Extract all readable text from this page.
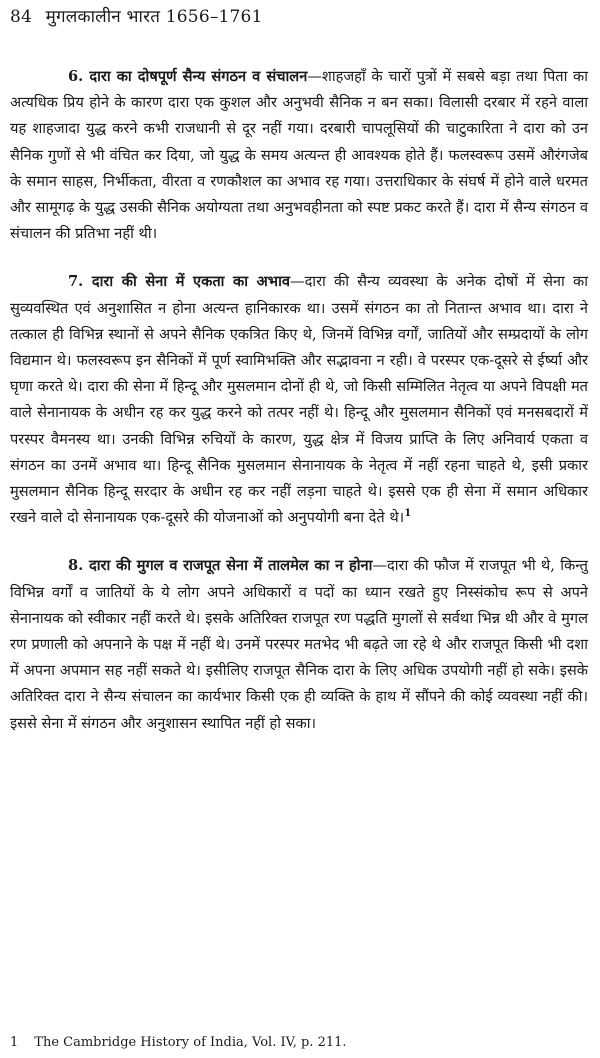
84 मुगलकालीन भारत 1656–1761

6. दारा का दोषपूर्ण सैन्य संगठन व संचालन—शाहजहाँ के चारों पुत्रों में सबसे बड़ा तथा पिता का अत्यधिक प्रिय होने के कारण दारा एक कुशल और अनुभवी सैनिक न बन सका। विलासी दरबार में रहने वाला यह शाहजादा युद्ध करने कभी राजधानी से दूर नहीं गया। दरबारी चापलूसियों की चाटुकारिता ने दारा को उन सैनिक गुणों से भी वंचित कर दिया, जो युद्ध के समय अत्यन्त ही आवश्यक होते हैं। फलस्वरूप उसमें औरंगजेब के समान साहस, निर्भीकता, वीरता व रणकौशल का अभाव रह गया। उत्तराधिकार के संघर्ष में होने वाले धरमत और सामूगढ़ के युद्ध उसकी सैनिक अयोग्यता तथा अनुभवहीनता को स्पष्ट प्रकट करते हैं। दारा में सैन्य संगठन व संचालन की प्रतिभा नहीं थी।

7. दारा की सेना में एकता का अभाव—दारा की सैन्य व्यवस्था के अनेक दोषों में सेना का सुव्यवस्थित एवं अनुशासित न होना अत्यन्त हानिकारक था। उसमें संगठन का तो नितान्त अभाव था। दारा ने तत्काल ही विभिन्न स्थानों से अपने सैनिक एकत्रित किए थे, जिनमें विभिन्न वर्गों, जातियों और सम्प्रदायों के लोग विद्यमान थे। फलस्वरूप इन सैनिकों में पूर्ण स्वामिभक्ति और सद्भावना न रही। वे परस्पर एक-दूसरे से ईर्ष्या और घृणा करते थे। दारा की सेना में हिन्दू और मुसलमान दोनों ही थे, जो किसी सम्मिलित नेतृत्व या अपने विपक्षी मत वाले सेनानायक के अधीन रह कर युद्ध करने को तत्पर नहीं थे। हिन्दू और मुसलमान सैनिकों एवं मनसबदारों में परस्पर वैमनस्य था। उनकी विभिन्न रुचियों के कारण, युद्ध क्षेत्र में विजय प्राप्ति के लिए अनिवार्य एकता व संगठन का उनमें अभाव था। हिन्दू सैनिक मुसलमान सेनानायक के नेतृत्व में नहीं रहना चाहते थे, इसी प्रकार मुसलमान सैनिक हिन्दू सरदार के अधीन रह कर नहीं लड़ना चाहते थे। इससे एक ही सेना में समान अधिकार रखने वाले दो सेनानायक एक-दूसरे की योजनाओं को अनुपयोगी बना देते थे।$^1$

8. दारा की मुगल व राजपूत सेना में तालमेल का न होना—दारा की फौज में राजपूत भी थे, किन्तु विभिन्न वर्गों व जातियों के ये लोग अपने अधिकारों व पदों का ध्यान रखते हुए निस्संकोच रूप से अपने सेनानायक को स्वीकार नहीं करते थे। इसके अतिरिक्त राजपूत रण पद्धति मुगलों से सर्वथा भिन्न थी और वे मुगल रण प्रणाली को अपनाने के पक्ष में नहीं थे। उनमें परस्पर मतभेद भी बढ़ते जा रहे थे और राजपूत किसी भी दशा में अपना अपमान सह नहीं सकते थे। इसीलिए राजपूत सैनिक दारा के लिए अधिक उपयोगी नहीं हो सके। इसके अतिरिक्त दारा ने सैन्य संचालन का कार्यभार किसी एक ही व्यक्ति के हाथ में सौंपने की कोई व्यवस्था नहीं की। इससे सेना में संगठन और अनुशासन स्थापित नहीं हो सका।

1 The Cambridge History of India, Vol. IV, p. 211.
